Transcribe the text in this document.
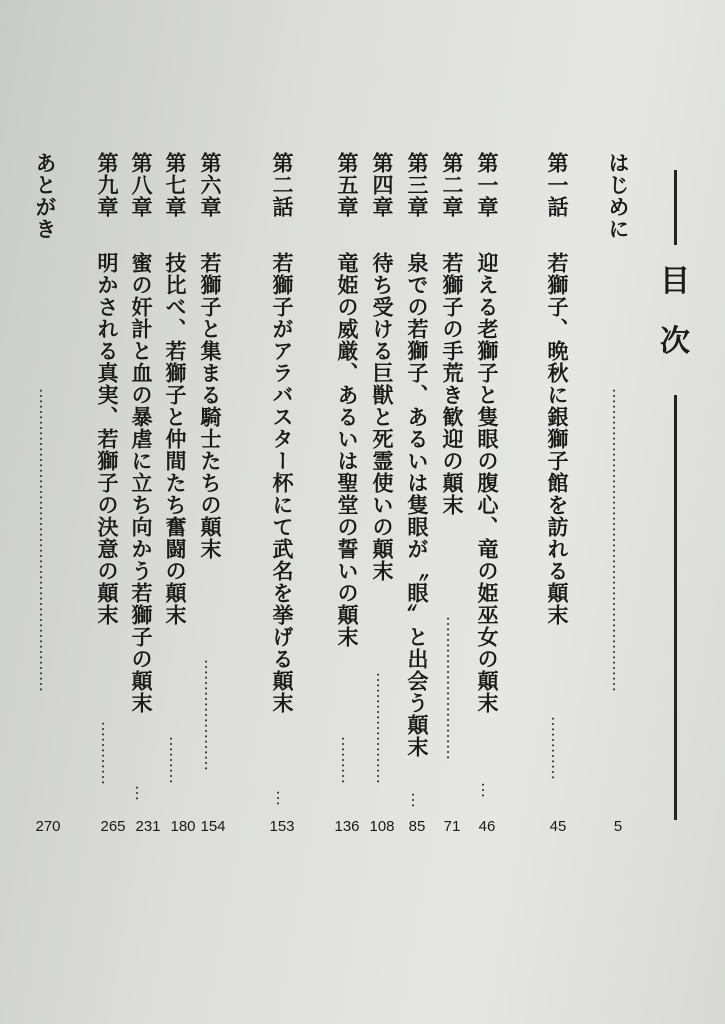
目
次
はじめに
…………………………………………………
5
第一話若獅子、晩秋に銀獅子館を訪れる顛末
…………
45
第一章迎える老獅子と隻眼の腹心、竜の姫巫女の顛末
…
46
第二章若獅子の手荒き歓迎の顛末
………………………
71
第三章泉での若獅子、あるいは隻眼が〝眼〟と出会う顛末
…
85
第四章待ち受ける巨獣と死霊使いの顛末
…………………
108
第五章竜姫の威厳、あるいは聖堂の誓いの顛末
………
136
第二話若獅子がアラバスター杯にて武名を挙げる顛末
…
153
第六章若獅子と集まる騎士たちの顛末
…………………
154
第七章技比べ、若獅子と仲間たち奮闘の顛末
………
180
第八章蜜の奸計と血の暴虐に立ち向かう若獅子の顛末
…
231
第九章明かされる真実、若獅子の決意の顛末
…………
265
あとがき
…………………………………………………
270
